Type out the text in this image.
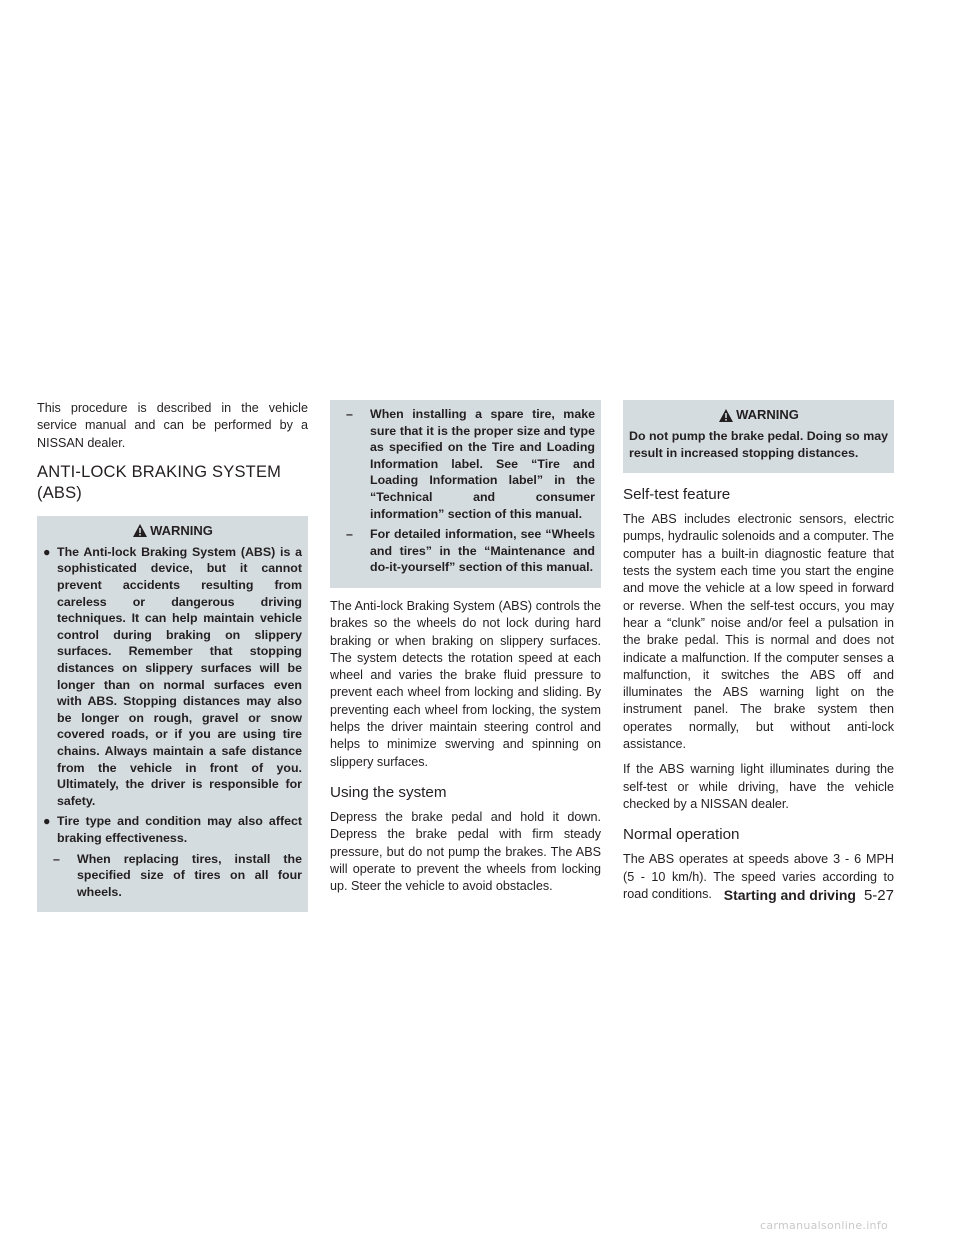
This procedure is described in the vehicle service manual and can be performed by a NISSAN dealer.

ANTI-LOCK BRAKING SYSTEM (ABS)
WARNING
● The Anti-lock Braking System (ABS) is a sophisticated device, but it cannot prevent accidents resulting from careless or dangerous driving techniques. It can help maintain vehicle control during braking on slippery surfaces. Remember that stopping distances on slippery surfaces will be longer than on normal surfaces even with ABS. Stopping distances may also be longer on rough, gravel or snow covered roads, or if you are using tire chains. Always maintain a safe distance from the vehicle in front of you. Ultimately, the driver is responsible for safety.
● Tire type and condition may also affect braking effectiveness.
– When replacing tires, install the specified size of tires on all four wheels.
– When installing a spare tire, make sure that it is the proper size and type as specified on the Tire and Loading Information label. See “Tire and Loading Information label” in the “Technical and consumer information” section of this manual.
– For detailed information, see “Wheels and tires” in the “Maintenance and do-it-yourself” section of this manual.

The Anti-lock Braking System (ABS) controls the brakes so the wheels do not lock during hard braking or when braking on slippery surfaces. The system detects the rotation speed at each wheel and varies the brake fluid pressure to prevent each wheel from locking and sliding. By preventing each wheel from locking, the system helps the driver maintain steering control and helps to minimize swerving and spinning on slippery surfaces.

Using the system

Depress the brake pedal and hold it down. Depress the brake pedal with firm steady pressure, but do not pump the brakes. The ABS will operate to prevent the wheels from locking up. Steer the vehicle to avoid obstacles.

WARNING
Do not pump the brake pedal. Doing so may result in increased stopping distances.
Self-test feature

The ABS includes electronic sensors, electric pumps, hydraulic solenoids and a computer. The computer has a built-in diagnostic feature that tests the system each time you start the engine and move the vehicle at a low speed in forward or reverse. When the self-test occurs, you may hear a “clunk” noise and/or feel a pulsation in the brake pedal. This is normal and does not indicate a malfunction. If the computer senses a malfunction, it switches the ABS off and illuminates the ABS warning light on the instrument panel. The brake system then operates normally, but without anti-lock assistance.

If the ABS warning light illuminates during the self-test or while driving, have the vehicle checked by a NISSAN dealer.

Normal operation

The ABS operates at speeds above 3 - 6 MPH (5 - 10 km/h). The speed varies according to road conditions. Starting and driving 5-27
carmanualsonline.info
